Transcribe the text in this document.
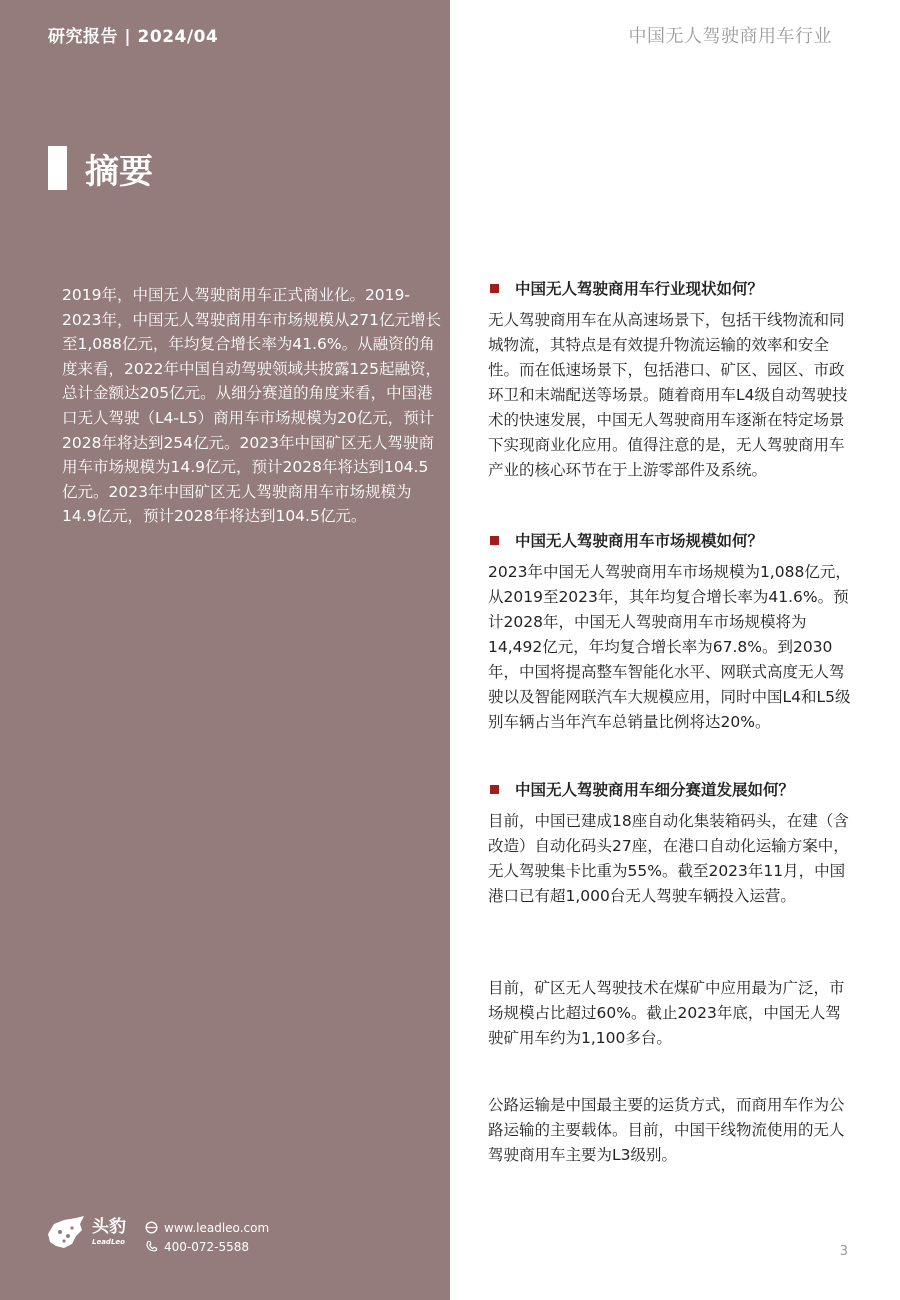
研究报告 | 2024/04
摘要

2019年，中国无人驾驶商用车正式商业化。2019-2023年，中国无人驾驶商用车市场规模从271亿元增长至1,088亿元，年均复合增长率为41.6%。从融资的角度来看，2022年中国自动驾驶领域共披露125起融资，总计金额达205亿元。从细分赛道的角度来看，中国港口无人驾驶（L4-L5）商用车市场规模为20亿元，预计2028年将达到254亿元。2023年中国矿区无人驾驶商用车市场规模为14.9亿元，预计2028年将达到104.5亿元。2023年中国矿区无人驾驶商用车市场规模为14.9亿元，预计2028年将达到104.5亿元。

头豹
LeadLeo
www.leadleo.com
400-072-5588
中国无人驾驶商用车行业
中国无人驾驶商用车行业现状如何？

无人驾驶商用车在从高速场景下，包括干线物流和同城物流，其特点是有效提升物流运输的效率和安全性。而在低速场景下，包括港口、矿区、园区、市政环卫和末端配送等场景。随着商用车L4级自动驾驶技术的快速发展，中国无人驾驶商用车逐渐在特定场景下实现商业化应用。值得注意的是，无人驾驶商用车产业的核心环节在于上游零部件及系统。

中国无人驾驶商用车市场规模如何？

2023年中国无人驾驶商用车市场规模为1,088亿元，从2019至2023年，其年均复合增长率为41.6%。预计2028年，中国无人驾驶商用车市场规模将为14,492亿元，年均复合增长率为67.8%。到2030年，中国将提高整车智能化水平、网联式高度无人驾驶以及智能网联汽车大规模应用，同时中国L4和L5级别车辆占当年汽车总销量比例将达20%。

中国无人驾驶商用车细分赛道发展如何？

目前，中国已建成18座自动化集装箱码头，在建（含改造）自动化码头27座，在港口自动化运输方案中，无人驾驶集卡比重为55%。截至2023年11月，中国港口已有超1,000台无人驾驶车辆投入运营。

目前，矿区无人驾驶技术在煤矿中应用最为广泛，市场规模占比超过60%。截止2023年底，中国无人驾驶矿用车约为1,100多台。

公路运输是中国最主要的运货方式，而商用车作为公路运输的主要载体。目前，中国干线物流使用的无人驾驶商用车主要为L3级别。

3
